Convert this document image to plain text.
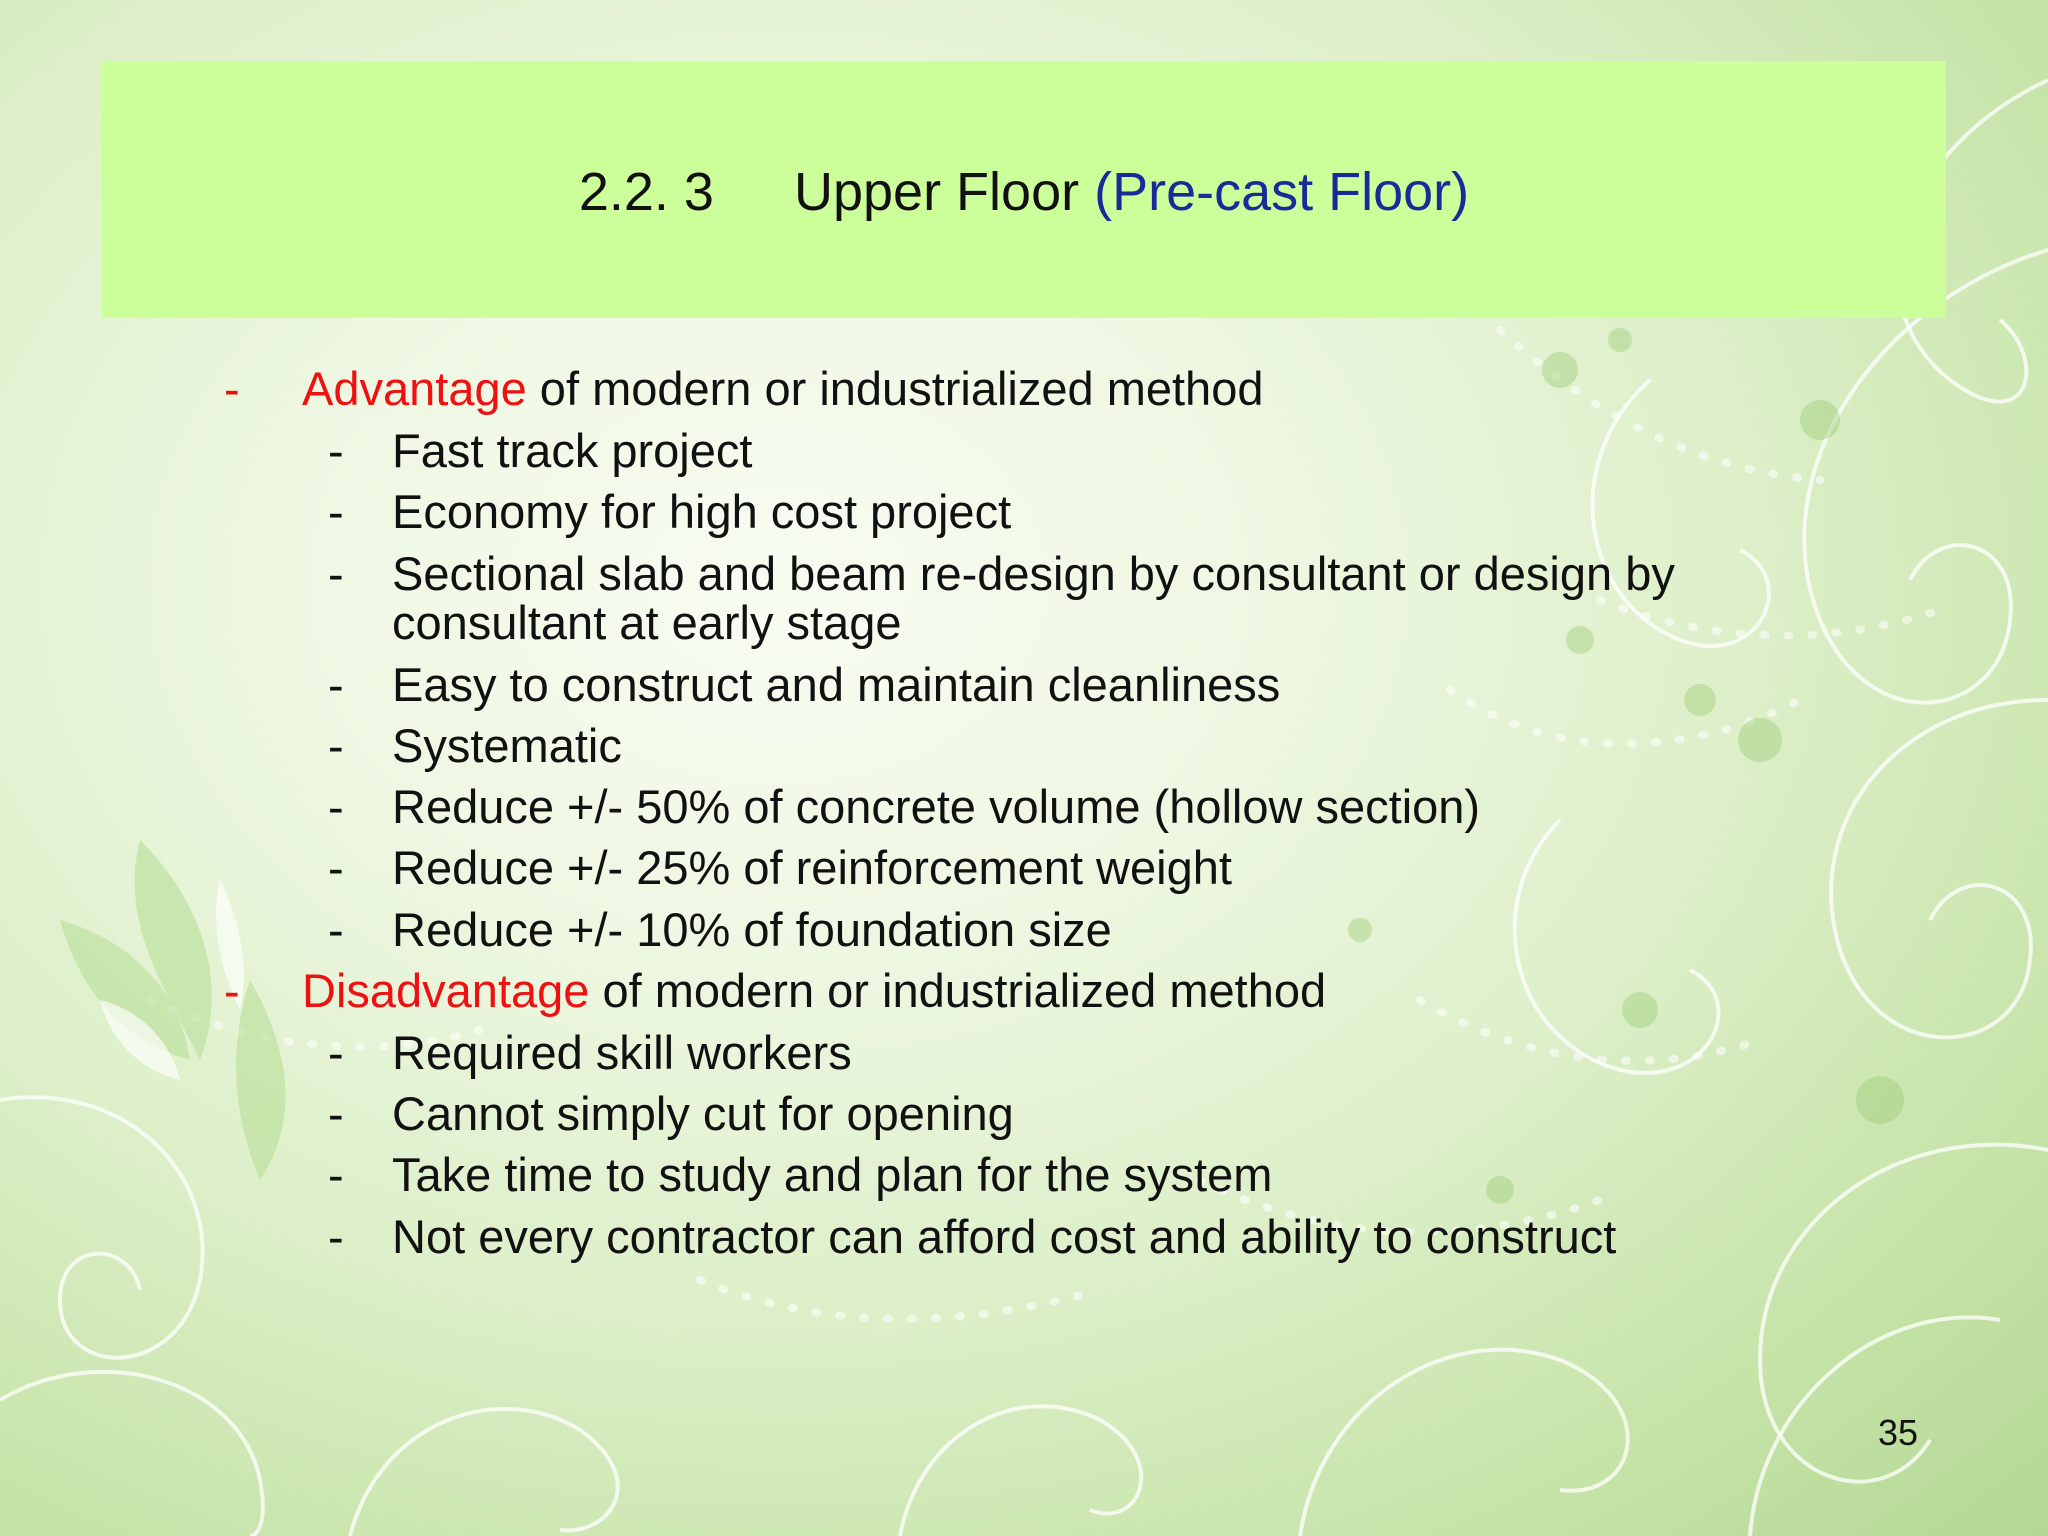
2.2. 3 Upper Floor (Pre-cast Floor)
- Advantage of modern or industrialized method
- Fast track project
- Economy for high cost project
- Sectional slab and beam re-design by consultant or design by
consultant at early stage
- Easy to construct and maintain cleanliness
- Systematic
- Reduce +/- 50% of concrete volume (hollow section)
- Reduce +/- 25% of reinforcement weight
- Reduce +/- 10% of foundation size
- Disadvantage of modern or industrialized method
- Required skill workers
- Cannot simply cut for opening
- Take time to study and plan for the system
- Not every contractor can afford cost and ability to construct
35
